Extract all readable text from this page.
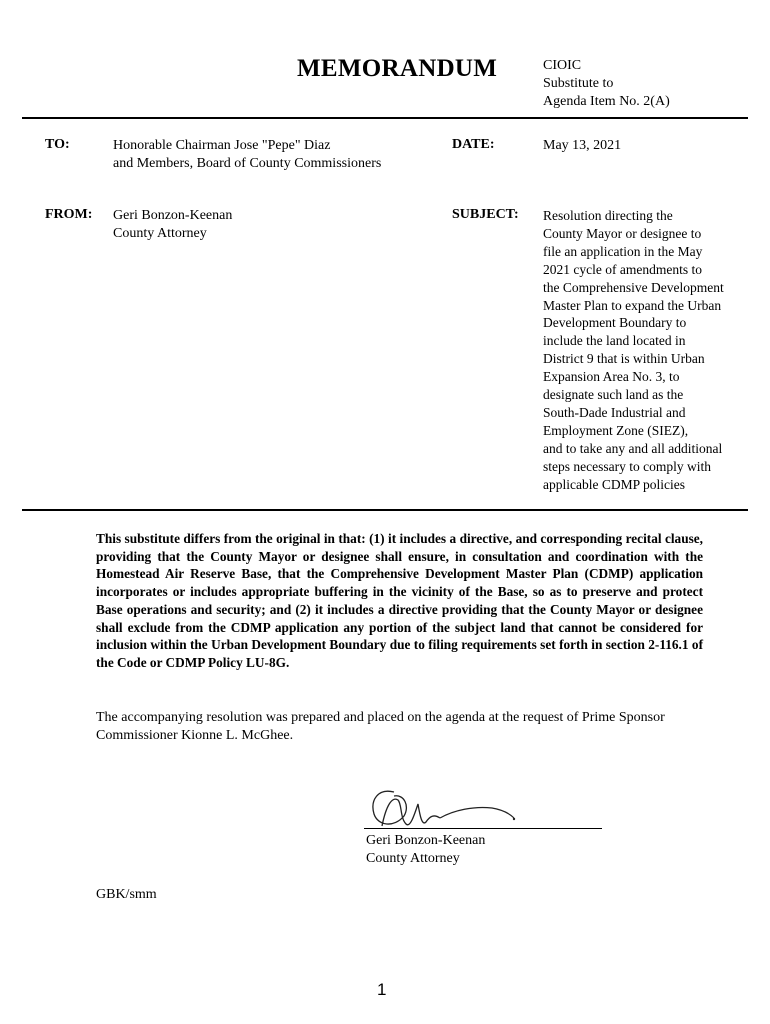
MEMORANDUM	CIOIC
Substitute to
Agenda Item No. 2(A)
TO:	Honorable Chairman Jose "Pepe" Diaz
and Members, Board of County Commissioners
DATE:	May 13, 2021
FROM: Geri Bonzon-Keenan
County Attorney
SUBJECT: Resolution directing the
County Mayor or designee to
file an application in the May
2021 cycle of amendments to
the Comprehensive Development
Master Plan to expand the Urban
Development Boundary to
include the land located in
District 9 that is within Urban
Expansion Area No. 3, to
designate such land as the
South-Dade Industrial and
Employment Zone (SIEZ),
and to take any and all additional
steps necessary to comply with
applicable CDMP policies
This substitute differs from the original in that: (1) it includes a directive, and corresponding recital clause, providing that the County Mayor or designee shall ensure, in consultation and coordination with the Homestead Air Reserve Base, that the Comprehensive Development Master Plan (CDMP) application incorporates or includes appropriate buffering in the vicinity of the Base, so as to preserve and protect Base operations and security; and (2) it includes a directive providing that the County Mayor or designee shall exclude from the CDMP application any portion of the subject land that cannot be considered for inclusion within the Urban Development Boundary due to filing requirements set forth in section 2-116.1 of the Code or CDMP Policy LU-8G.
The accompanying resolution was prepared and placed on the agenda at the request of Prime Sponsor Commissioner Kionne L. McGhee.
Geri Bonzon-Keenan
County Attorney
GBK/smm
1
